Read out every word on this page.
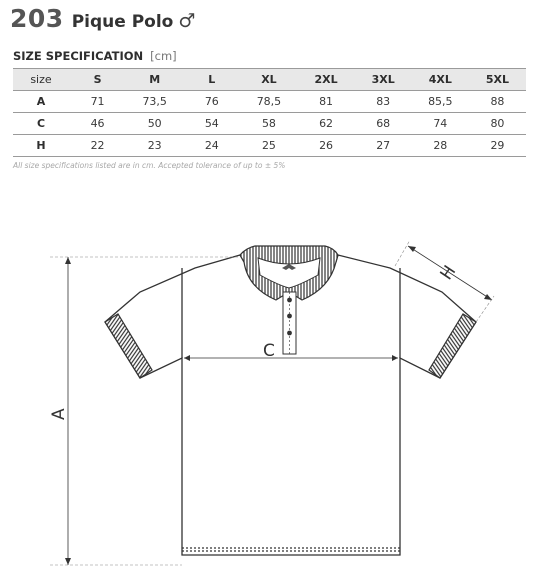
203 Pique Polo ♂
SIZE SPECIFICATION [cm]
size	S	M	L	XL	2XL	3XL	4XL	5XL
A	71	73,5	76	78,5	81	83	85,5	88
C	46	50	54	58	62	68	74	80
H	22	23	24	25	26	27	28	29
All size specifications listed are in cm. Accepted tolerance of up to ± 5%
C
A
H
